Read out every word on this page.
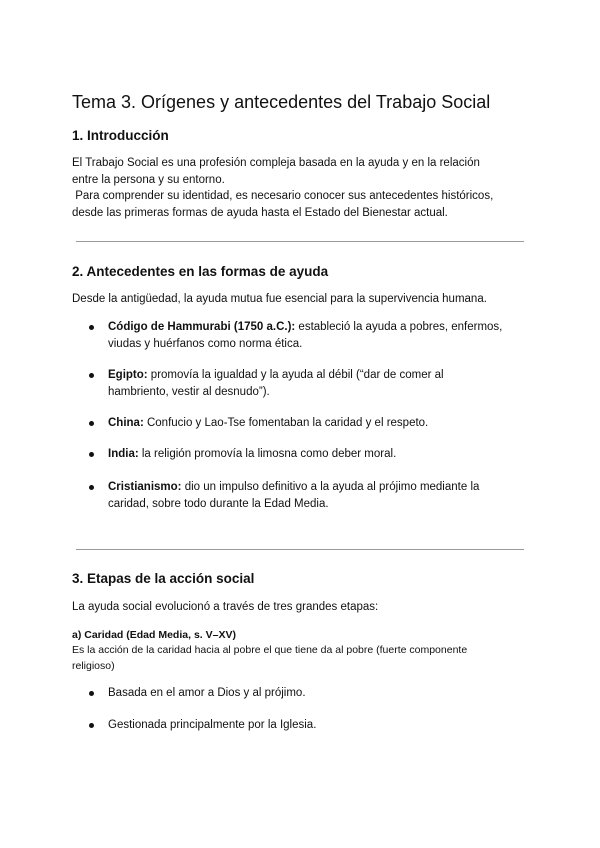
Tema 3. Orígenes y antecedentes del Trabajo Social
1. Introducción

El Trabajo Social es una profesión compleja basada en la ayuda y en la relación

entre la persona y su entorno.

Para comprender su identidad, es necesario conocer sus antecedentes históricos,

desde las primeras formas de ayuda hasta el Estado del Bienestar actual.

2. Antecedentes en las formas de ayuda

Desde la antigüedad, la ayuda mutua fue esencial para la supervivencia humana.

Código de Hammurabi (1750 a.C.): estableció la ayuda a pobres, enfermos,
viudas y huérfanos como norma ética.
Egipto: promovía la igualdad y la ayuda al débil (“dar de comer al
hambriento, vestir al desnudo”).
China: Confucio y Lao-Tse fomentaban la caridad y el respeto.
India: la religión promovía la limosna como deber moral.
Cristianismo: dio un impulso definitivo a la ayuda al prójimo mediante la
caridad, sobre todo durante la Edad Media.
3. Etapas de la acción social

La ayuda social evolucionó a través de tres grandes etapas:

a) Caridad (Edad Media, s. V–XV)

Es la acción de la caridad hacia al pobre el que tiene da al pobre (fuerte componente

religioso)

Basada en el amor a Dios y al prójimo.
Gestionada principalmente por la Iglesia.
